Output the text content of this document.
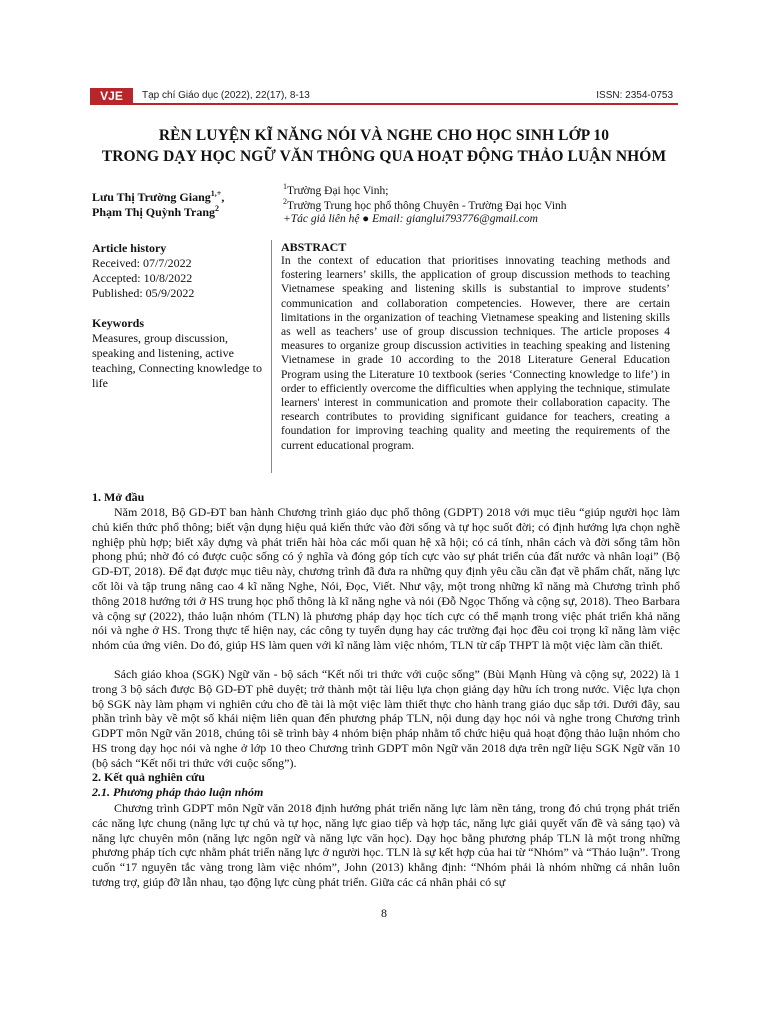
VJE	Tạp chí Giáo dục (2022), 22(17), 8-13	ISSN: 2354-0753
RÈN LUYỆN KĨ NĂNG NÓI VÀ NGHE CHO HỌC SINH LỚP 10
TRONG DẠY HỌC NGỮ VĂN THÔNG QUA HOẠT ĐỘNG THẢO LUẬN NHÓM
Lưu Thị Trường Giang$^{1,+}$,
Phạm Thị Quỳnh Trang$^2$
$^1$Trường Đại học Vinh;
$^2$Trường Trung học phổ thông Chuyên - Trường Đại học Vinh
+Tác giả liên hệ ● Email: gianglui793776@gmail.com
Article history
Received: 07/7/2022
Accepted: 10/8/2022
Published: 05/9/2022
Keywords
Measures, group discussion, speaking and listening, active teaching, Connecting knowledge to life
ABSTRACT
In the context of education that prioritises innovating teaching methods and fostering learners’ skills, the application of group discussion methods to teaching Vietnamese speaking and listening skills is substantial to improve students’ communication and collaboration competencies. However, there are certain limitations in the organization of teaching Vietnamese speaking and listening skills as well as teachers’ use of group discussion techniques. The article proposes 4 measures to organize group discussion activities in teaching speaking and listening Vietnamese in grade 10 according to the 2018 Literature General Education Program using the Literature 10 textbook (series ‘Connecting knowledge to life’) in order to efficiently overcome the difficulties when applying the technique, stimulate learners' interest in communication and promote their collaboration capacity. The research contributes to providing significant guidance for teachers, creating a foundation for improving teaching quality and meeting the requirements of the current educational program.
1. Mở đầu
Năm 2018, Bộ GD-ĐT ban hành Chương trình giáo dục phổ thông (GDPT) 2018 với mục tiêu “giúp người học làm chủ kiến thức phổ thông; biết vận dụng hiệu quả kiến thức vào đời sống và tự học suốt đời; có định hướng lựa chọn nghề nghiệp phù hợp; biết xây dựng và phát triển hài hòa các mối quan hệ xã hội; có cá tính, nhân cách và đời sống tâm hồn phong phú; nhờ đó có được cuộc sống có ý nghĩa và đóng góp tích cực vào sự phát triển của đất nước và nhân loại” (Bộ GD-ĐT, 2018). Để đạt được mục tiêu này, chương trình đã đưa ra những quy định yêu cầu cần đạt về phẩm chất, năng lực cốt lõi và tập trung nâng cao 4 kĩ năng Nghe, Nói, Đọc, Viết. Như vậy, một trong những kĩ năng mà Chương trình phổ thông 2018 hướng tới ở HS trung học phổ thông là kĩ năng nghe và nói (Đỗ Ngọc Thống và cộng sự, 2018). Theo Barbara và cộng sự (2022), thảo luận nhóm (TLN) là phương pháp dạy học tích cực có thể mạnh trong việc phát triển khả năng nói và nghe ở HS. Trong thực tế hiện nay, các công ty tuyển dụng hay các trường đại học đều coi trọng kĩ năng làm việc nhóm của ứng viên. Do đó, giúp HS làm quen với kĩ năng làm việc nhóm, TLN từ cấp THPT là một việc làm cần thiết.
Sách giáo khoa (SGK) Ngữ văn - bộ sách “Kết nối tri thức với cuộc sống” (Bùi Mạnh Hùng và cộng sự, 2022) là 1 trong 3 bộ sách được Bộ GD-ĐT phê duyệt; trở thành một tài liệu lựa chọn giảng dạy hữu ích trong nước. Việc lựa chọn bộ SGK này làm phạm vi nghiên cứu cho đề tài là một việc làm thiết thực cho hành trang giáo dục sắp tới. Dưới đây, sau phần trình bày về một số khái niệm liên quan đến phương pháp TLN, nội dung dạy học nói và nghe trong Chương trình GDPT môn Ngữ văn 2018, chúng tôi sẽ trình bày 4 nhóm biện pháp nhằm tổ chức hiệu quả hoạt động thảo luận nhóm cho HS trong dạy học nói và nghe ở lớp 10 theo Chương trình GDPT môn Ngữ văn 2018 dựa trên ngữ liệu SGK Ngữ văn 10 (bộ sách “Kết nối tri thức với cuộc sống”).
2. Kết quả nghiên cứu
2.1. Phương pháp thảo luận nhóm
Chương trình GDPT môn Ngữ văn 2018 định hướng phát triển năng lực làm nền tảng, trong đó chú trọng phát triển các năng lực chung (năng lực tự chủ và tự học, năng lực giao tiếp và hợp tác, năng lực giải quyết vấn đề và sáng tạo) và năng lực chuyên môn (năng lực ngôn ngữ và năng lực văn học). Dạy học bằng phương pháp TLN là một trong những phương pháp tích cực nhằm phát triển năng lực ở người học. TLN là sự kết hợp của hai từ “Nhóm” và “Thảo luận”. Trong cuốn “17 nguyên tắc vàng trong làm việc nhóm”, John (2013) khẳng định: “Nhóm phải là nhóm những cá nhân luôn tương trợ, giúp đỡ lẫn nhau, tạo động lực cùng phát triển. Giữa các cá nhân phải có sự
8
